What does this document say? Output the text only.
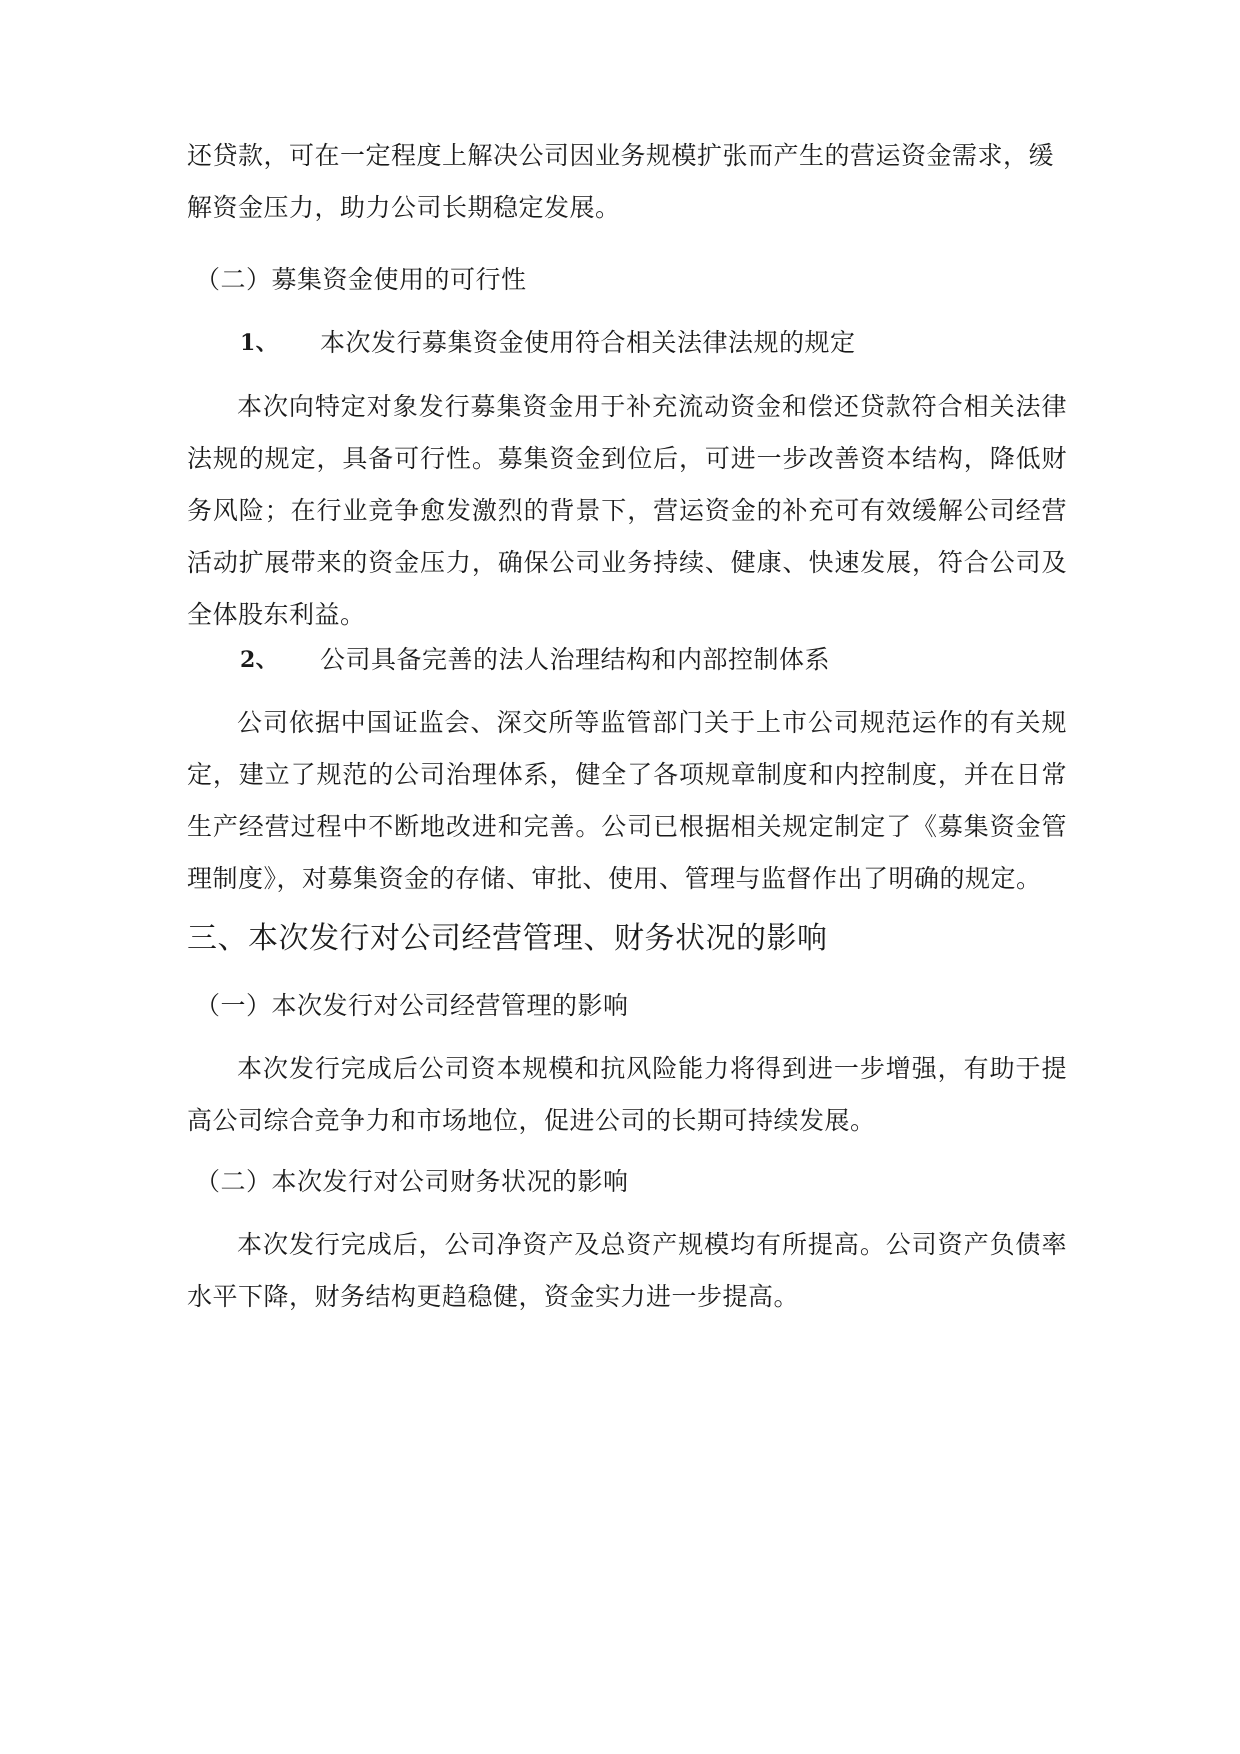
还贷款，可在一定程度上解决公司因业务规模扩张而产生的营运资金需求，缓解资金压力，助力公司长期稳定发展。

（二）募集资金使用的可行性
1、	本次发行募集资金使用符合相关法律法规的规定

本次向特定对象发行募集资金用于补充流动资金和偿还贷款符合相关法律法规的规定，具备可行性。募集资金到位后，可进一步改善资本结构，降低财务风险；在行业竞争愈发激烈的背景下，营运资金的补充可有效缓解公司经营活动扩展带来的资金压力，确保公司业务持续、健康、快速发展，符合公司及全体股东利益。

2、	公司具备完善的法人治理结构和内部控制体系

公司依据中国证监会、深交所等监管部门关于上市公司规范运作的有关规定，建立了规范的公司治理体系，健全了各项规章制度和内控制度，并在日常生产经营过程中不断地改进和完善。公司已根据相关规定制定了《募集资金管理制度》，对募集资金的存储、审批、使用、管理与监督作出了明确的规定。

三、本次发行对公司经营管理、财务状况的影响
（一）本次发行对公司经营管理的影响

本次发行完成后公司资本规模和抗风险能力将得到进一步增强，有助于提高公司综合竞争力和市场地位，促进公司的长期可持续发展。

（二）本次发行对公司财务状况的影响

本次发行完成后，公司净资产及总资产规模均有所提高。公司资产负债率水平下降，财务结构更趋稳健，资金实力进一步提高。
